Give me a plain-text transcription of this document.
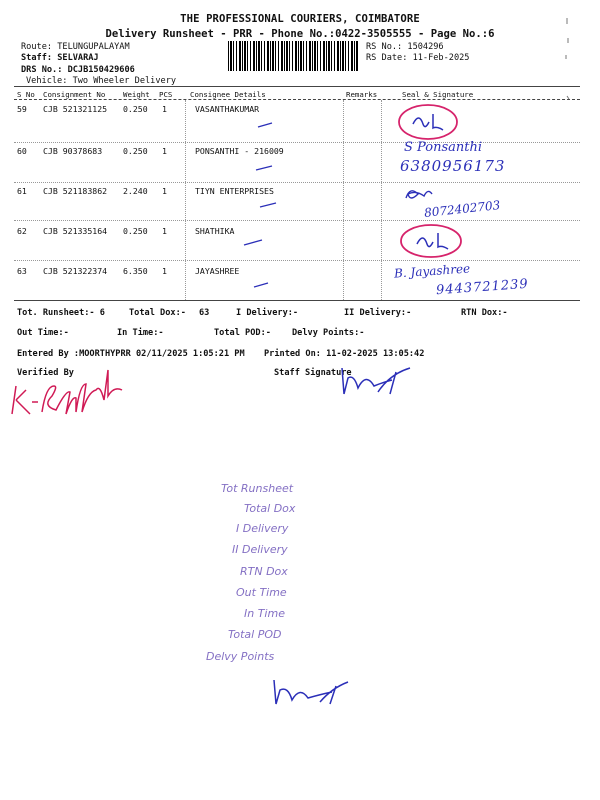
THE PROFESSIONAL COURIERS, COIMBATORE
Delivery Runsheet - PRR - Phone No.:0422-3505555 - Page No.:6
Route: TELUNGUPALAYAM
Staff: SELVARAJ
DRS No.: DCJB150429606
Vehicle: Two Wheeler Delivery
RS No.: 1504296
RS Date: 11-Feb-2025
S No Consignment No Weight PCS Consignee Details	Remarks	Seal & Signature
59 CJB 521321125 0.250 1	VASANTHAKUMAR
60 CJB 90378683	0.250 1	PONSANTHI - 216009
61 CJB 521183862 2.240 1	TIYN ENTERPRISES
62 CJB 521335164 0.250 1	SHATHIKA
63 CJB 521322374 6.350 1	JAYASHREE
S Ponsanthi
6380956173
8072402703
B. Jayashree
9443721239
Tot. Runsheet:- 6	Total Dox:- 63	I Delivery:-	II Delivery:-	RTN Dox:-
Out Time:-	In Time:-	Total POD:- Delvy Points:-
Entered By :MOORTHYPRR 02/11/2025 1:05:21 PM Printed On: 11-02-2025 13:05:42
Verified By	Staff Signature
Tot Runsheet
Total Dox
I Delivery
II Delivery
RTN Dox
Out Time
In Time
Total POD
Delvy Points
